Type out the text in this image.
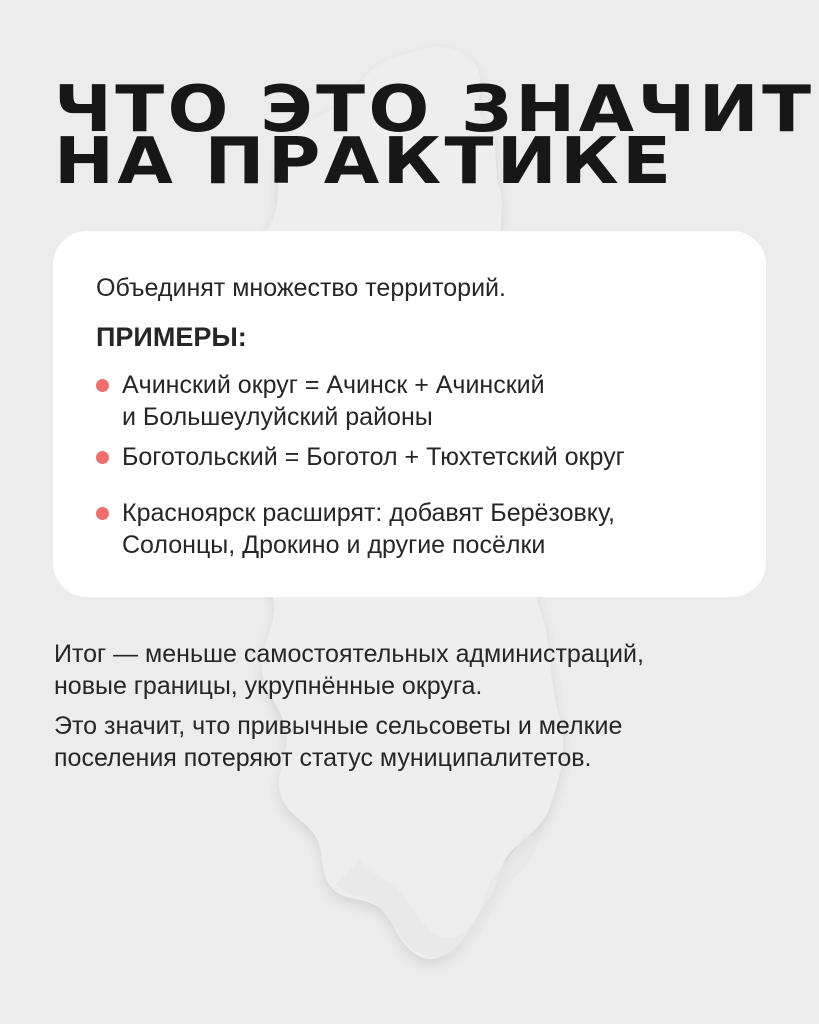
ЧТО ЭТО ЗНАЧИТ
НА ПРАКТИКЕ

Объединят множество территорий.

ПРИМЕРЫ:

Ачинский округ = Ачинск + Ачинский
и Большеулуйский районы
Боготольский = Боготол + Тюхтетский округ
Красноярск расширят: добавят Берёзовку,
Солонцы, Дрокино и другие посёлки

Итог — меньше самостоятельных администраций,
новые границы, укрупнённые округа.

Это значит, что привычные сельсоветы и мелкие
поселения потеряют статус муниципалитетов.
